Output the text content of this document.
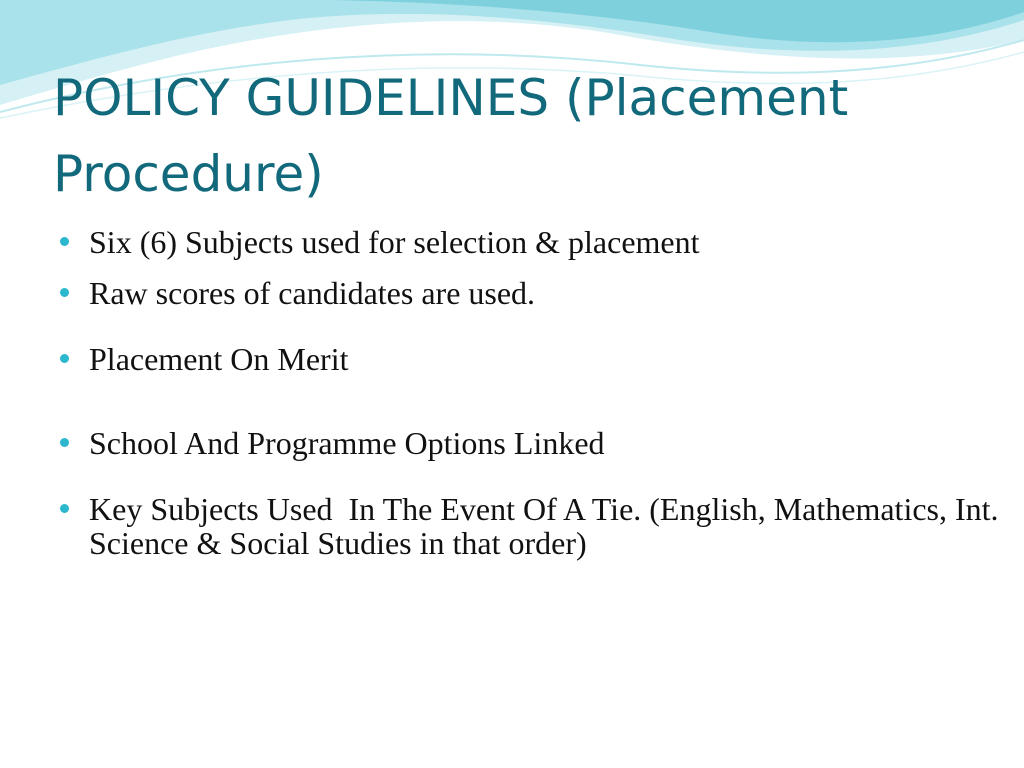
POLICY GUIDELINES (Placement Procedure)
Six (6) Subjects used for selection & placement
Raw scores of candidates are used.
Placement On Merit
School And Programme Options Linked
Key Subjects Used  In The Event Of A Tie. (English, Mathematics, Int. Science & Social Studies in that order)
